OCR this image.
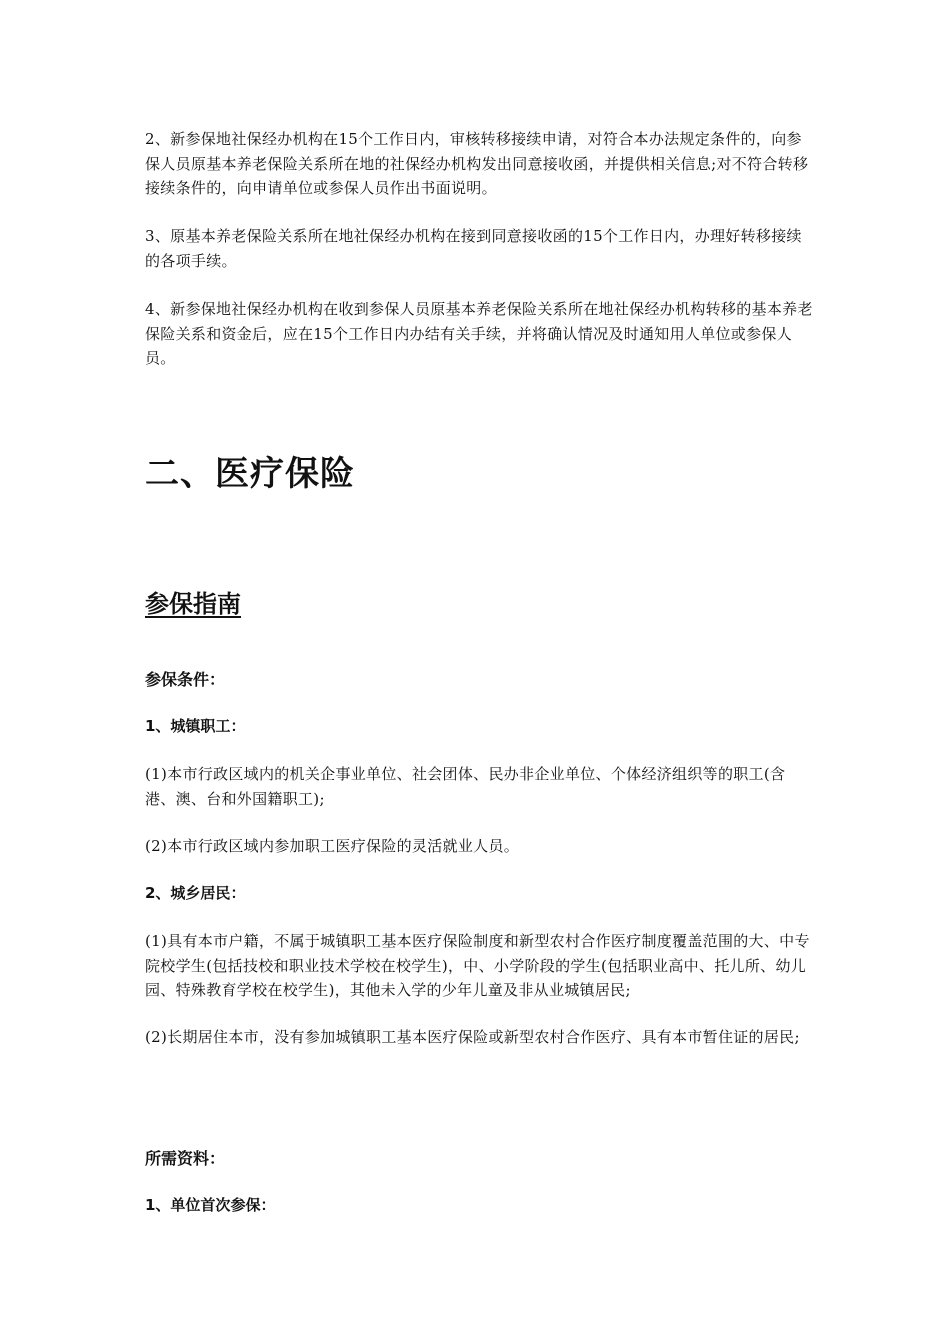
2、新参保地社保经办机构在15个工作日内，审核转移接续申请，对符合本办法规定条件的，向参保人员原基本养老保险关系所在地的社保经办机构发出同意接收函，并提供相关信息;对不符合转移接续条件的，向申请单位或参保人员作出书面说明。

3、原基本养老保险关系所在地社保经办机构在接到同意接收函的15个工作日内，办理好转移接续的各项手续。

4、新参保地社保经办机构在收到参保人员原基本养老保险关系所在地社保经办机构转移的基本养老保险关系和资金后，应在15个工作日内办结有关手续，并将确认情况及时通知用人单位或参保人员。

二、医疗保险
参保指南
参保条件：
1、城镇职工：

(1)本市行政区域内的机关企事业单位、社会团体、民办非企业单位、个体经济组织等的职工(含港、澳、台和外国籍职工);

(2)本市行政区域内参加职工医疗保险的灵活就业人员。

2、城乡居民：

(1)具有本市户籍，不属于城镇职工基本医疗保险制度和新型农村合作医疗制度覆盖范围的大、中专院校学生(包括技校和职业技术学校在校学生)，中、小学阶段的学生(包括职业高中、托儿所、幼儿园、特殊教育学校在校学生)，其他未入学的少年儿童及非从业城镇居民;

(2)长期居住本市，没有参加城镇职工基本医疗保险或新型农村合作医疗、具有本市暂住证的居民;

所需资料：
1、单位首次参保：
